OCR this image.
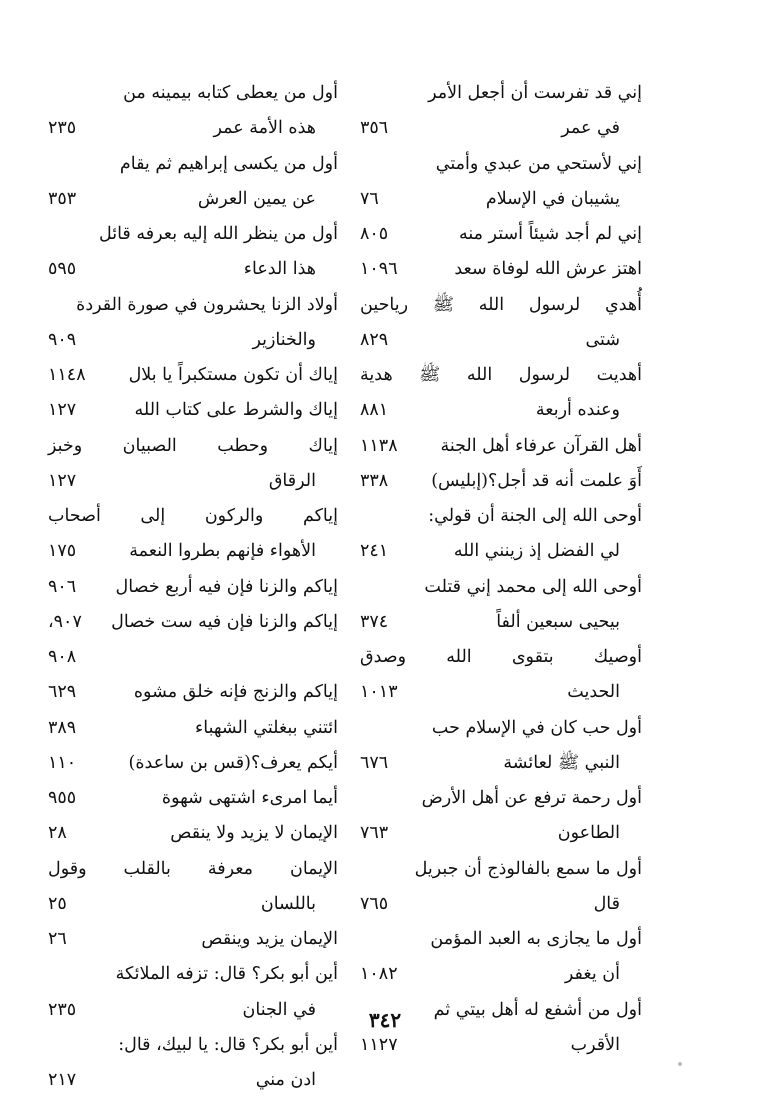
إني قد تفرست أن أجعل الأمر
في عمر
٣٥٦
إني لأستحي من عبدي وأمتي
يشيبان في الإسلام
٧٦
إني لم أجد شيئاً أستر منه
٨٠٥
اهتز عرش الله لوفاة سعد
١٠٩٦
أُهدي لرسول الله ﷺ رياحين
شتى
٨٢٩
أهديت لرسول الله ﷺ هدية
وعنده أربعة
٨٨١
أهل القرآن عرفاء أهل الجنة
١١٣٨
أَوَ علمت أنه قد أجل؟(إبليس)
٣٣٨
أوحى الله إلى الجنة أن قولي:
لي الفضل إذ زينني الله
٢٤١
أوحى الله إلى محمد إني قتلت
بيحيى سبعين ألفاً
٣٧٤
أوصيك بتقوى الله وصدق
الحديث
١٠١٣
أول حب كان في الإسلام حب
النبي ﷺ لعائشة
٦٧٦
أول رحمة ترفع عن أهل الأرض
الطاعون
٧٦٣
أول ما سمع بالفالوذج أن جبريل
قال
٧٦٥
أول ما يجازى به العبد المؤمن
أن يغفر
١٠٨٢
أول من أشفع له أهل بيتي ثم
الأقرب
١١٢٧
أول من يعطى كتابه بيمينه من
هذه الأمة عمر
٢٣٥
أول من يكسى إبراهيم ثم يقام
عن يمين العرش
٣٥٣
أول من ينظر الله إليه بعرفه قائل
هذا الدعاء
٥٩٥
أولاد الزنا يحشرون في صورة القردة
والخنازير
٩٠٩
إياك أن تكون مستكبراً يا بلال
١١٤٨
إياك والشرط على كتاب الله
١٢٧
إياك وحطب الصبيان وخبز
الرقاق
١٢٧
إياكم والركون إلى أصحاب
الأهواء فإنهم بطروا النعمة
١٧٥
إياكم والزنا فإن فيه أربع خصال
٩٠٦
إياكم والزنا فإن فيه ست خصال
٩٠٧،
٩٠٨
إياكم والزنج فإنه خلق مشوه
٦٢٩
ائتني ببغلتي الشهباء
٣٨٩
أيكم يعرف؟(قس بن ساعدة)
١١٠
أيما امرىء اشتهى شهوة
٩٥٥
الإيمان لا يزيد ولا ينقص
٢٨
الإيمان معرفة بالقلب وقول
باللسان
٢٥
الإيمان يزيد وينقص
٢٦
أين أبو بكر؟ قال: تزفه الملائكة
في الجنان
٢٣٥
أين أبو بكر؟ قال: يا لبيك، قال:
ادن مني
٢١٧
٣٤٢
